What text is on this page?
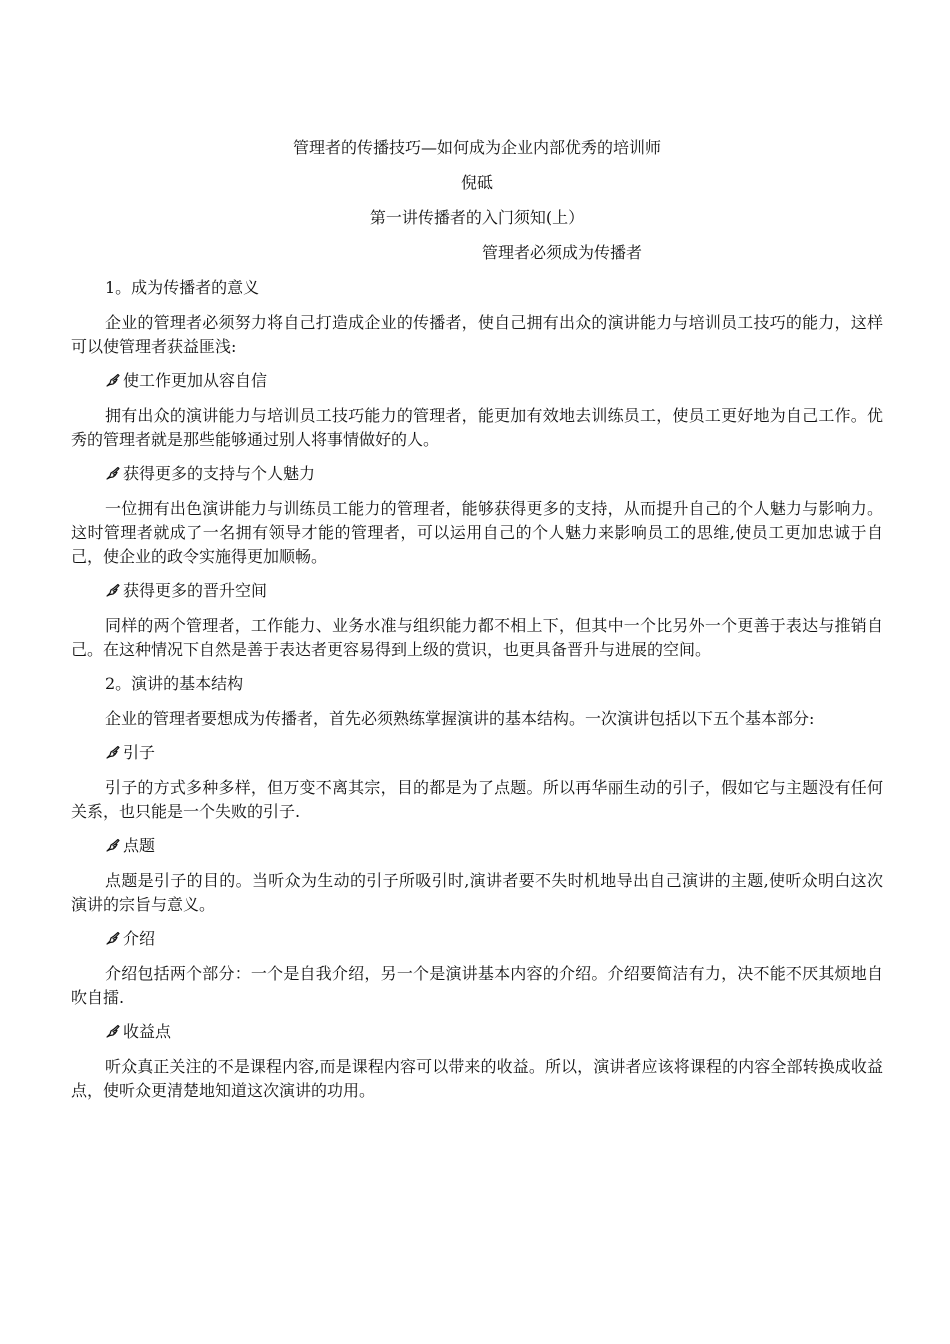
管理者的传播技巧—如何成为企业内部优秀的培训师

倪砥

第一讲传播者的入门须知(上）

管理者必须成为传播者

1。成为传播者的意义

企业的管理者必须努力将自己打造成企业的传播者，使自己拥有出众的演讲能力与培训员工技巧的能力，这样可以使管理者获益匪浅:

使工作更加从容自信

拥有出众的演讲能力与培训员工技巧能力的管理者，能更加有效地去训练员工，使员工更好地为自己工作。优秀的管理者就是那些能够通过别人将事情做好的人。

获得更多的支持与个人魅力

一位拥有出色演讲能力与训练员工能力的管理者，能够获得更多的支持，从而提升自己的个人魅力与影响力。这时管理者就成了一名拥有领导才能的管理者，可以运用自己的个人魅力来影响员工的思维,使员工更加忠诚于自己，使企业的政令实施得更加顺畅。

获得更多的晋升空间

同样的两个管理者，工作能力、业务水准与组织能力都不相上下，但其中一个比另外一个更善于表达与推销自己。在这种情况下自然是善于表达者更容易得到上级的赏识，也更具备晋升与进展的空间。

2。演讲的基本结构

企业的管理者要想成为传播者，首先必须熟练掌握演讲的基本结构。一次演讲包括以下五个基本部分:

引子

引子的方式多种多样，但万变不离其宗，目的都是为了点题。所以再华丽生动的引子，假如它与主题没有任何关系，也只能是一个失败的引子.

点题

点题是引子的目的。当听众为生动的引子所吸引时,演讲者要不失时机地导出自己演讲的主题,使听众明白这次演讲的宗旨与意义。

介绍

介绍包括两个部分：一个是自我介绍，另一个是演讲基本内容的介绍。介绍要简洁有力，决不能不厌其烦地自吹自擂.

收益点

听众真正关注的不是课程内容,而是课程内容可以带来的收益。所以，演讲者应该将课程的内容全部转换成收益点，使听众更清楚地知道这次演讲的功用。
